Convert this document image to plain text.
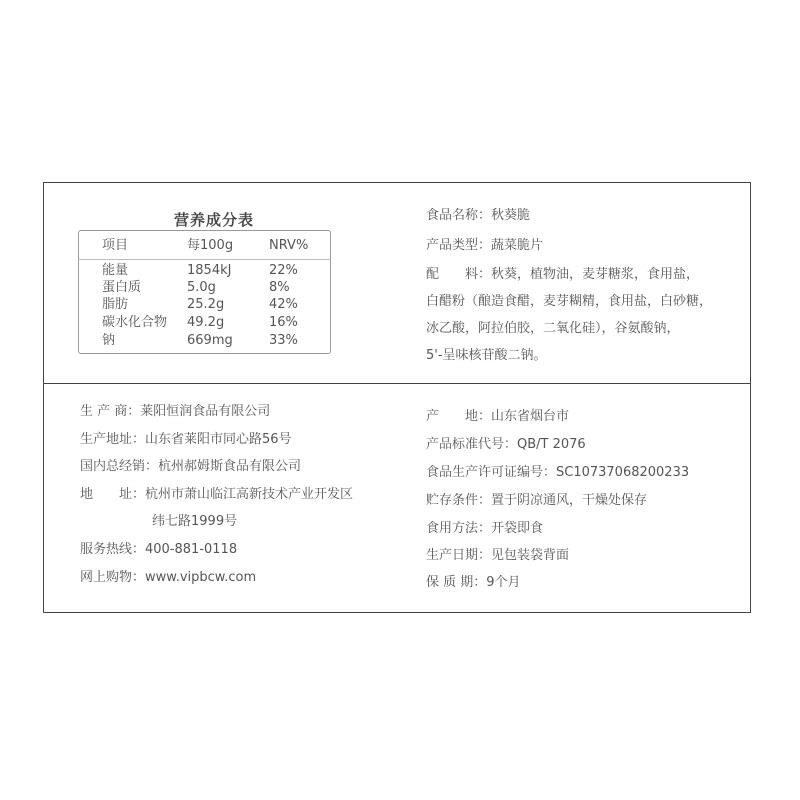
营养成分表
项目	每100g	NRV%
能量	1854kJ	22%
蛋白质	5.0g	8%
脂肪	25.2g	42%
碳水化合物 49.2g	16%
钠	669mg	33%
食品名称：秋葵脆
产品类型：蔬菜脆片
配　　料：秋葵，植物油，麦芽糖浆，食用盐，
白醋粉（酿造食醋，麦芽糊精，食用盐，白砂糖，
冰乙酸，阿拉伯胶，二氧化硅），谷氨酸钠，
5'-呈味核苷酸二钠。
生 产 商：莱阳恒润食品有限公司
生产地址：山东省莱阳市同心路56号
国内总经销：杭州郝姆斯食品有限公司
地　　址：杭州市萧山临江高新技术产业开发区
纬七路1999号
服务热线：400-881-0118
网上购物：www.vipbcw.com
产　　地：山东省烟台市
产品标准代号：QB/T 2076
食品生产许可证编号：SC10737068200233
贮存条件：置于阴凉通风，干燥处保存
食用方法：开袋即食
生产日期：见包装袋背面
保 质 期：9个月
